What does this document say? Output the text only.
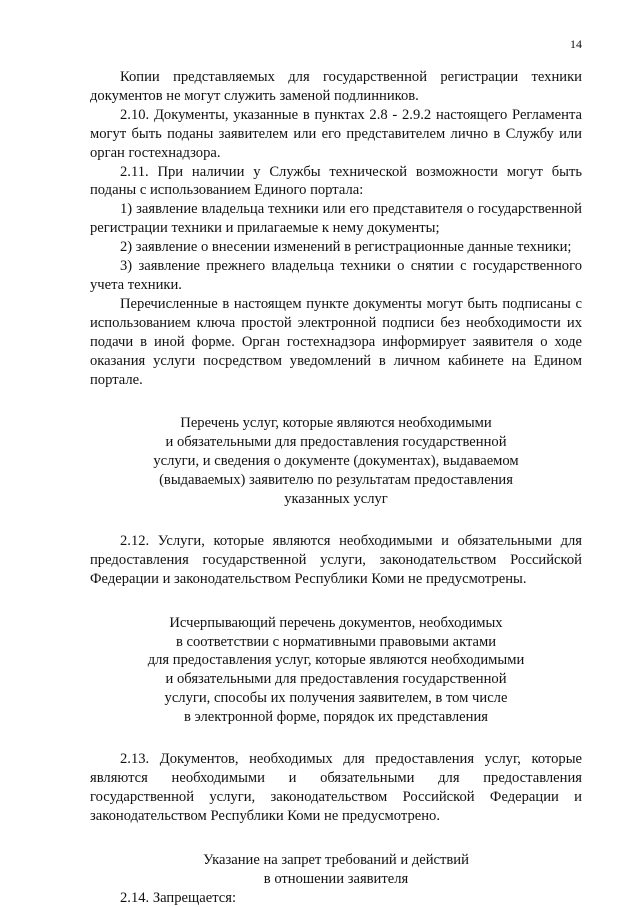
14

Копии представляемых для государственной регистрации техники документов не могут служить заменой подлинников.

2.10. Документы, указанные в пунктах 2.8 - 2.9.2 настоящего Регламента могут быть поданы заявителем или его представителем лично в Службу или орган гостехнадзора.

2.11. При наличии у Службы технической возможности могут быть поданы с использованием Единого портала:

1) заявление владельца техники или его представителя о государственной регистрации техники и прилагаемые к нему документы;

2) заявление о внесении изменений в регистрационные данные техники;

3) заявление прежнего владельца техники о снятии с государственного учета техники.

Перечисленные в настоящем пункте документы могут быть подписаны с использованием ключа простой электронной подписи без необходимости их подачи в иной форме. Орган гостехнадзора информирует заявителя о ходе оказания услуги посредством уведомлений в личном кабинете на Едином портале.

Перечень услуг, которые являются необходимыми
и обязательными для предоставления государственной
услуги, и сведения о документе (документах), выдаваемом
(выдаваемых) заявителю по результатам предоставления
указанных услуг

2.12. Услуги, которые являются необходимыми и обязательными для предоставления государственной услуги, законодательством Российской Федерации и законодательством Республики Коми не предусмотрены.

Исчерпывающий перечень документов, необходимых
в соответствии с нормативными правовыми актами
для предоставления услуг, которые являются необходимыми
и обязательными для предоставления государственной
услуги, способы их получения заявителем, в том числе
в электронной форме, порядок их представления

2.13. Документов, необходимых для предоставления услуг, которые являются необходимыми и обязательными для предоставления государственной услуги, законодательством Российской Федерации и законодательством Республики Коми не предусмотрено.

Указание на запрет требований и действий
в отношении заявителя

2.14. Запрещается:
